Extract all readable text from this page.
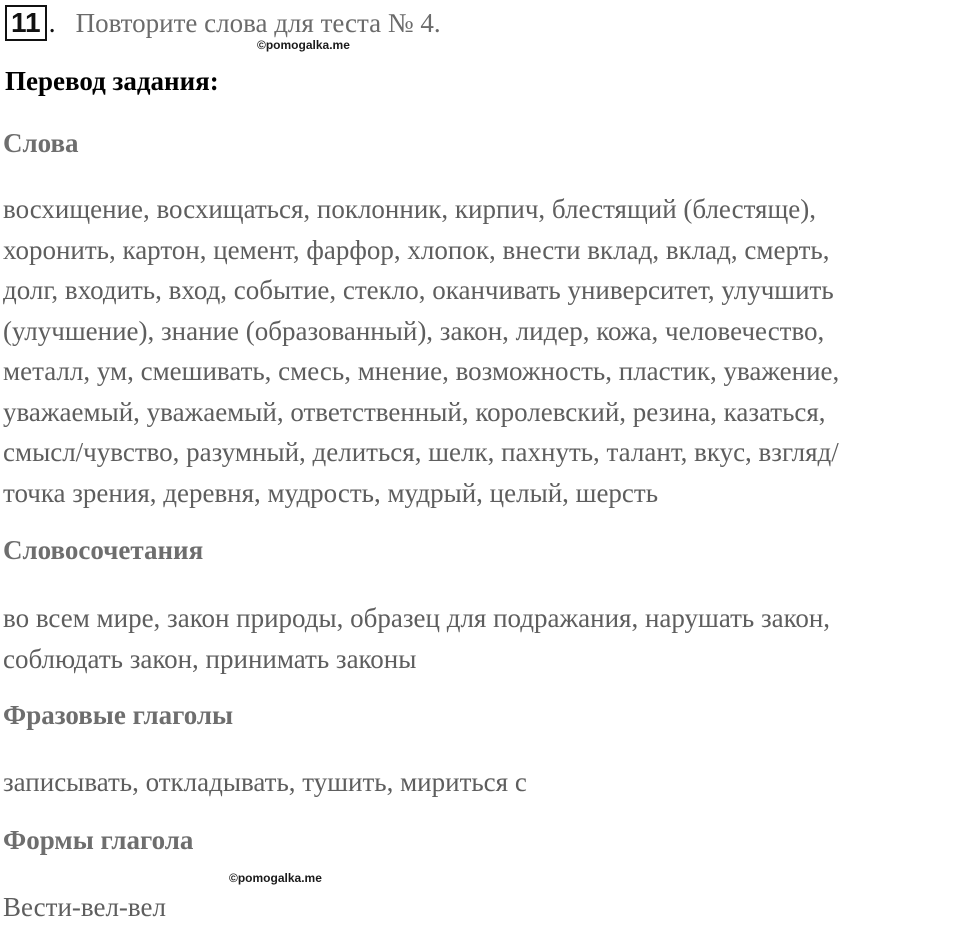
11 . Повторите слова для теста № 4.
©pomogalka.me
Перевод задания:
Слова
восхищение, восхищаться, поклонник, кирпич, блестящий (блестяще),
хоронить, картон, цемент, фарфор, хлопок, внести вклад, вклад, смерть,
долг, входить, вход, событие, стекло, оканчивать университет, улучшить
(улучшение), знание (образованный), закон, лидер, кожа, человечество,
металл, ум, смешивать, смесь, мнение, возможность, пластик, уважение,
уважаемый, уважаемый, ответственный, королевский, резина, казаться,
смысл/чувство, разумный, делиться, шелк, пахнуть, талант, вкус, взгляд/
точка зрения, деревня, мудрость, мудрый, целый, шерсть
Словосочетания
во всем мире, закон природы, образец для подражания, нарушать закон,
соблюдать закон, принимать законы
Фразовые глаголы
записывать, откладывать, тушить, мириться с
Формы глагола
©pomogalka.me
Вести-вел-вел
